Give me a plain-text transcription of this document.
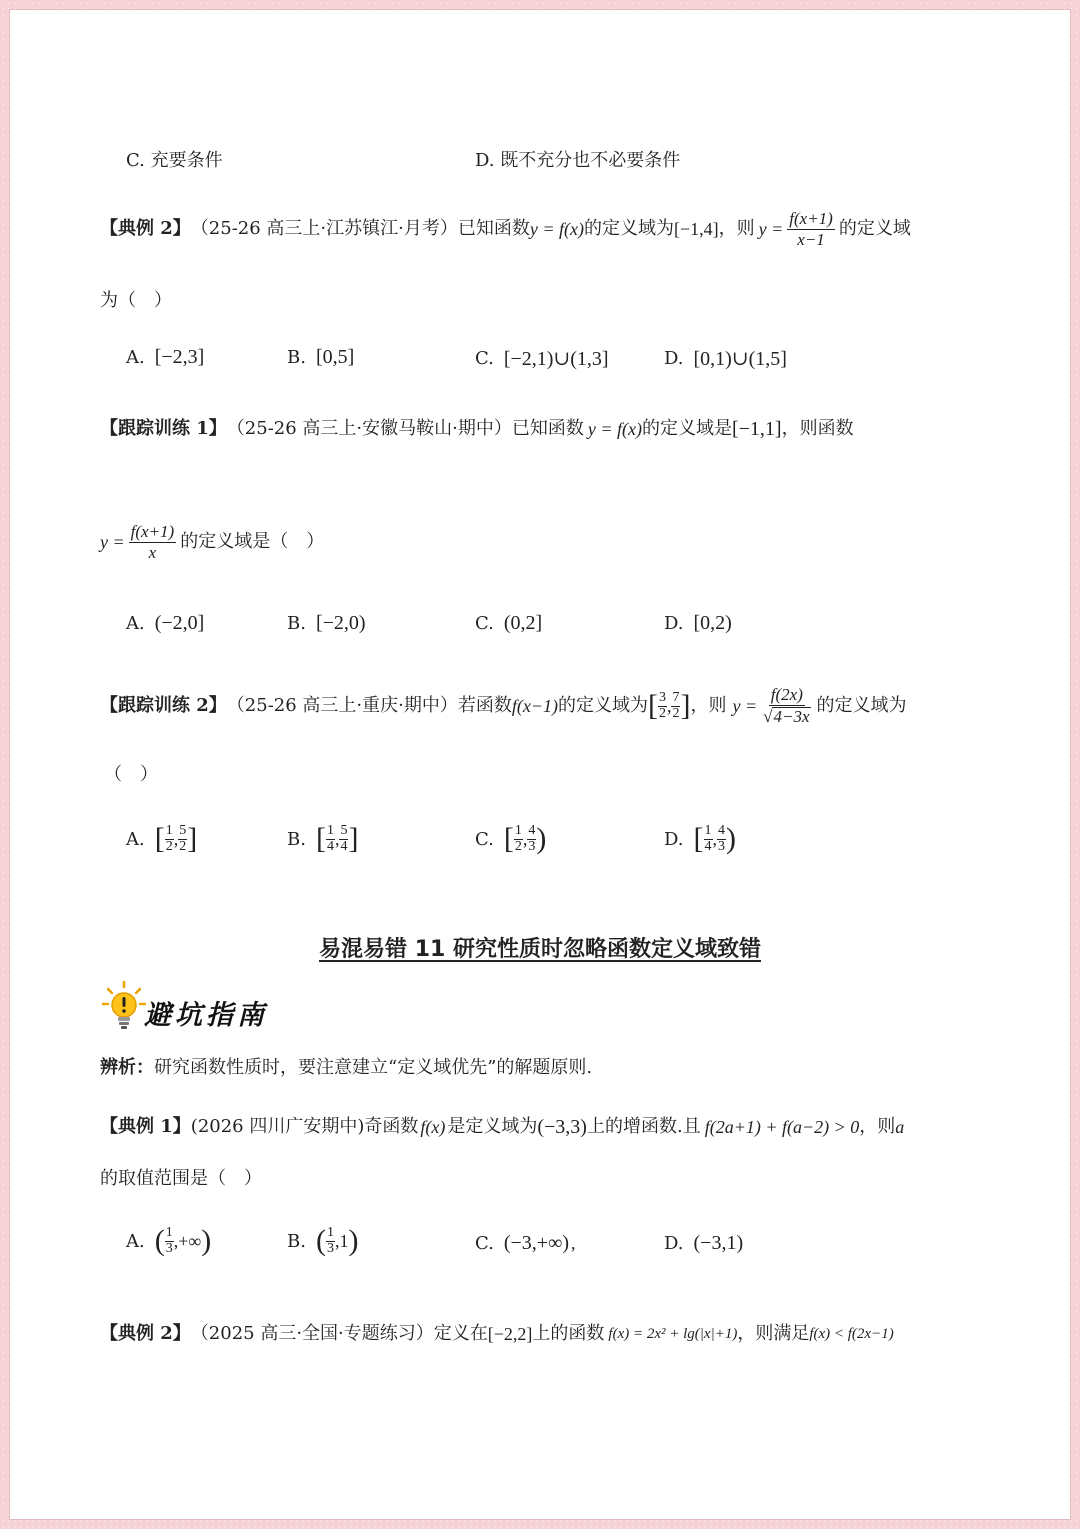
C. 充要条件	D. 既不充分也不必要条件
【典例 2】 （25-26 高三上·江苏镇江·月考） 已知函数 y = f(x) 的定义域为 [−1,4] ，则 $y = \frac{f(x+1)}{x-1}$ 的定义域
为（　）
A. [−2,3]	B. [0,5]	C. [−2,1)∪(1,3]	D. [0,1)∪(1,5]
【跟踪训练 1】 （25-26 高三上·安徽马鞍山·期中） 已知函数 y = f(x) 的定义域是 [−1,1] ，则函数
$y = \frac{f(x+1)}{x}$ 的定义域是（　）
A. (−2,0]	B. [−2,0)	C. (0,2]	D. [0,2)
【跟踪训练 2】 （25-26 高三上·重庆·期中） 若函数 f(x−1) 的定义域为 [ $\frac{3}{2}$ , $\frac{7}{2}$ ] ，则 $y = \frac{f(2x)}{√4-3x}$ 的定义域为
（　）
A. [ $\frac{1}{2}$ , $\frac{5}{2}$ ]	B. [ $\frac{1}{4}$ , $\frac{5}{4}$ ]	C. [ $\frac{1}{2}$ , $\frac{4}{3}$ )	D. [ $\frac{1}{4}$ , $\frac{4}{3}$ )
易混易错 11 研究性质时忽略函数定义域致错
避坑指南
辨析：研究函数性质时，要注意建立“定义域优先”的解题原则.
【典例 1】 (2026 四川广安期中) 奇函数 f(x) 是定义域为 (−3,3) 上的增函数.且 f(2a+1) + f(a−2) > 0 ，则 a
的取值范围是（　）
A. ( $\frac{1}{3}$ ,+∞ )	B. ( $\frac{1}{3} ,1$ )	C. (−3,+∞) ,	D. (−3,1)
【典例 2】 （2025 高三·全国·专题练习） 定义在 [−2,2] 上的函数 f(x) = 2x² + lg(|x|+1) ，则满足 f(x) < f(2x−1)
